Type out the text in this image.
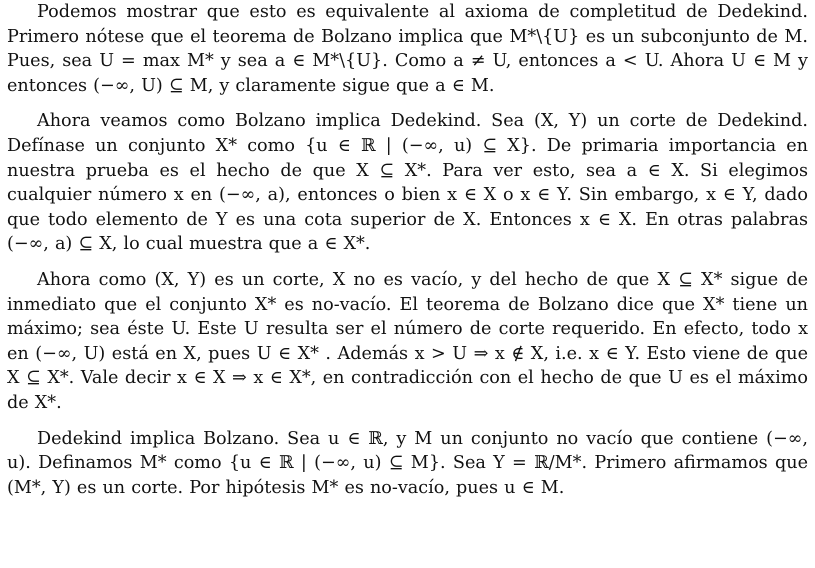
Podemos mostrar que esto es equivalente al axioma de completitud de Dedekind. Primero nótese que el teorema de Bolzano implica que M*\{U} es un subconjunto de M. Pues, sea U = max M* y sea a ∈ M*\{U}. Como a ≠ U, entonces a < U. Ahora U ∈ M y entonces (−∞, U) ⊆ M, y claramente sigue que a ∈ M.

Ahora veamos como Bolzano implica Dedekind. Sea (X, Y) un corte de Dedekind. Defínase un conjunto X* como {u ∈ ℝ | (−∞, u) ⊆ X}. De primaria importancia en nuestra prueba es el hecho de que X ⊆ X*. Para ver esto, sea a ∈ X. Si elegimos cualquier número x en (−∞, a), entonces o bien x ∈ X o x ∈ Y. Sin embargo, x ∈ Y, dado que todo elemento de Y es una cota superior de X. Entonces x ∈ X. En otras palabras (−∞, a) ⊆ X, lo cual muestra que a ∈ X*.

Ahora como (X, Y) es un corte, X no es vacío, y del hecho de que X ⊆ X* sigue de inmediato que el conjunto X* es no-vacío. El teorema de Bolzano dice que X* tiene un máximo; sea éste U. Este U resulta ser el número de corte requerido. En efecto, todo x en (−∞, U) está en X, pues U ∈ X* . Además x > U ⇒ x ∉ X, i.e. x ∈ Y. Esto viene de que X ⊆ X*. Vale decir x ∈ X ⇒ x ∈ X*, en contradicción con el hecho de que U es el máximo de X*.

Dedekind implica Bolzano. Sea u ∈ ℝ, y M un conjunto no vacío que contiene (−∞, u). Definamos M* como {u ∈ ℝ | (−∞, u) ⊆ M}. Sea Y = ℝ/M*. Primero afirmamos que (M*, Y) es un corte. Por hipótesis M* es no-vacío, pues u ∈ M.
